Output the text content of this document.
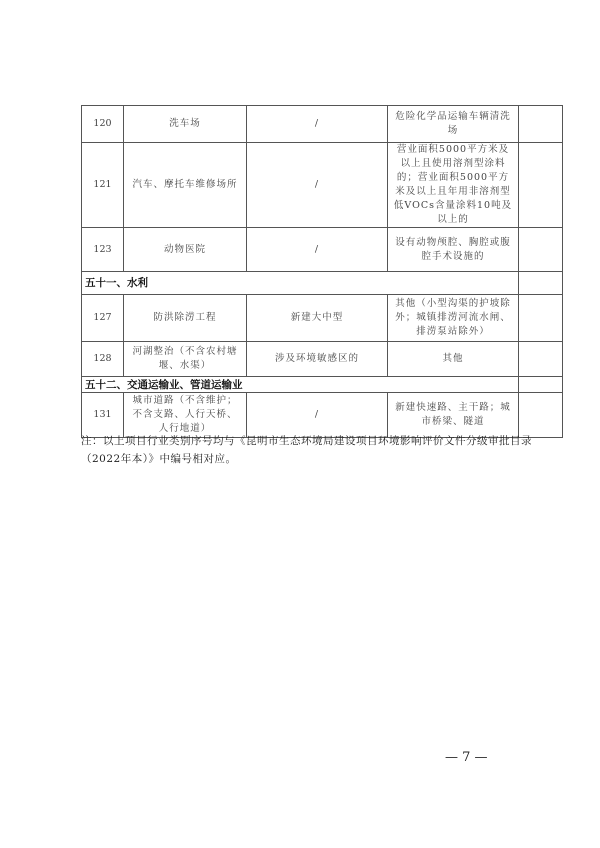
120	洗车场	/	危险化学品运输车辆清洗场	
121	汽车、摩托车维修场所	/	营业面积5000平方米及以上且使用溶剂型涂料的；营业面积5000平方米及以上且年用非溶剂型低VOCs含量涂料10吨及以上的	
123	动物医院	/	设有动物颅腔、胸腔或腹腔手术设施的	
五十一、水利				
127	防洪除涝工程	新建大中型	其他（小型沟渠的护坡除外；城镇排涝河流水闸、排涝泵站除外）	
128	河湖整治（不含农村塘堰、水渠）	涉及环境敏感区的	其他	
五十二、交通运输业、管道运输业				
131	城市道路（不含维护；不含支路、人行天桥、人行地道）	/	新建快速路、主干路；城市桥梁、隧道	
注：以上项目行业类别序号均与《昆明市生态环境局建设项目环境影响评价文件分级审批目录（2022年本）》中编号相对应。
— 7 —
